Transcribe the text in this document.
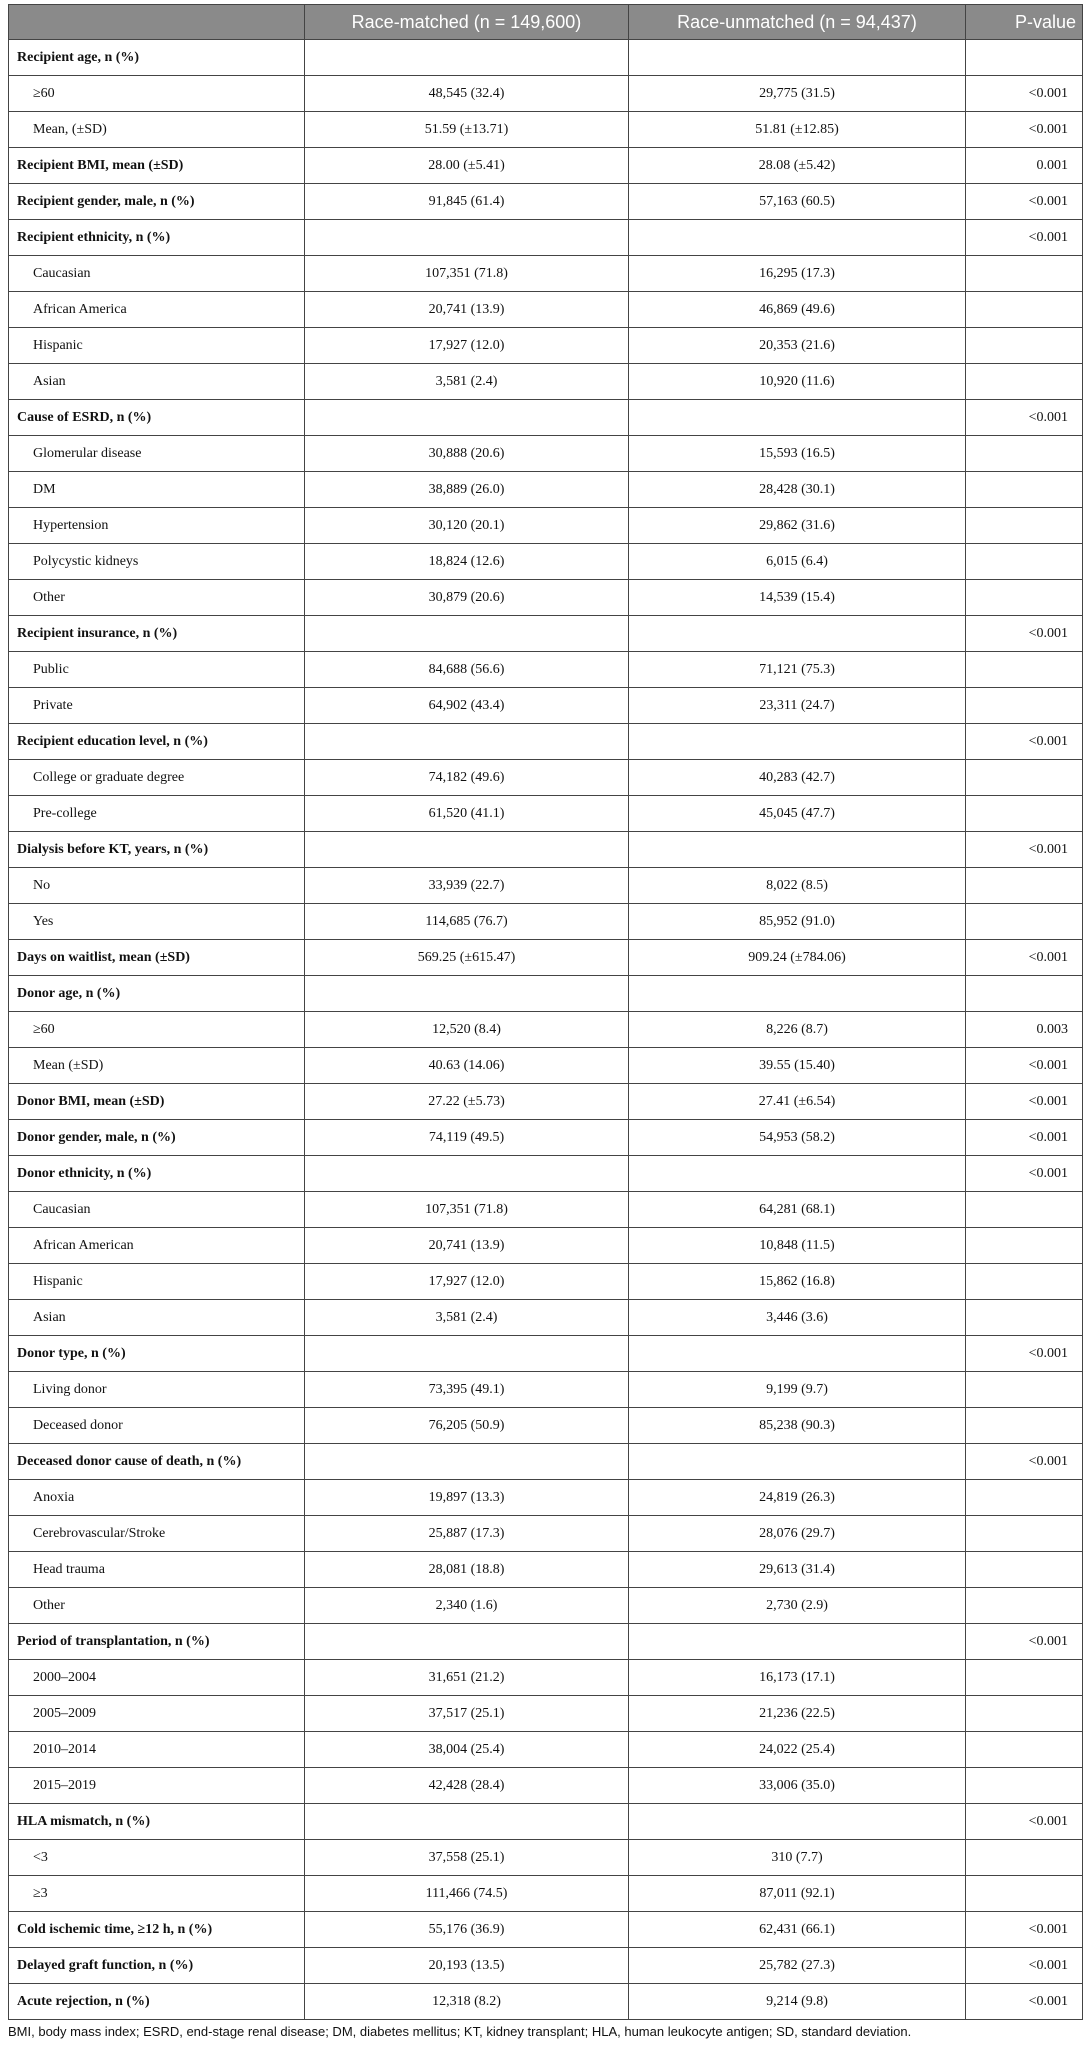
	Race-matched (n = 149,600)	Race-unmatched (n = 94,437)	P-value
Recipient age, n (%)			
≥60	48,545 (32.4)	29,775 (31.5)	<0.001
Mean, (±SD)	51.59 (±13.71)	51.81 (±12.85)	<0.001
Recipient BMI, mean (±SD)	28.00 (±5.41)	28.08 (±5.42)	0.001
Recipient gender, male, n (%)	91,845 (61.4)	57,163 (60.5)	<0.001
Recipient ethnicity, n (%)			<0.001
Caucasian	107,351 (71.8)	16,295 (17.3)	
African America	20,741 (13.9)	46,869 (49.6)	
Hispanic	17,927 (12.0)	20,353 (21.6)	
Asian	3,581 (2.4)	10,920 (11.6)	
Cause of ESRD, n (%)			<0.001
Glomerular disease	30,888 (20.6)	15,593 (16.5)	
DM	38,889 (26.0)	28,428 (30.1)	
Hypertension	30,120 (20.1)	29,862 (31.6)	
Polycystic kidneys	18,824 (12.6)	6,015 (6.4)	
Other	30,879 (20.6)	14,539 (15.4)	
Recipient insurance, n (%)			<0.001
Public	84,688 (56.6)	71,121 (75.3)	
Private	64,902 (43.4)	23,311 (24.7)	
Recipient education level, n (%)			<0.001
College or graduate degree	74,182 (49.6)	40,283 (42.7)	
Pre-college	61,520 (41.1)	45,045 (47.7)	
Dialysis before KT, years, n (%)			<0.001
No	33,939 (22.7)	8,022 (8.5)	
Yes	114,685 (76.7)	85,952 (91.0)	
Days on waitlist, mean (±SD)	569.25 (±615.47)	909.24 (±784.06)	<0.001
Donor age, n (%)			
≥60	12,520 (8.4)	8,226 (8.7)	0.003
Mean (±SD)	40.63 (14.06)	39.55 (15.40)	<0.001
Donor BMI, mean (±SD)	27.22 (±5.73)	27.41 (±6.54)	<0.001
Donor gender, male, n (%)	74,119 (49.5)	54,953 (58.2)	<0.001
Donor ethnicity, n (%)			<0.001
Caucasian	107,351 (71.8)	64,281 (68.1)	
African American	20,741 (13.9)	10,848 (11.5)	
Hispanic	17,927 (12.0)	15,862 (16.8)	
Asian	3,581 (2.4)	3,446 (3.6)	
Donor type, n (%)			<0.001
Living donor	73,395 (49.1)	9,199 (9.7)	
Deceased donor	76,205 (50.9)	85,238 (90.3)	
Deceased donor cause of death, n (%)			<0.001
Anoxia	19,897 (13.3)	24,819 (26.3)	
Cerebrovascular/Stroke	25,887 (17.3)	28,076 (29.7)	
Head trauma	28,081 (18.8)	29,613 (31.4)	
Other	2,340 (1.6)	2,730 (2.9)	
Period of transplantation, n (%)			<0.001
2000–2004	31,651 (21.2)	16,173 (17.1)	
2005–2009	37,517 (25.1)	21,236 (22.5)	
2010–2014	38,004 (25.4)	24,022 (25.4)	
2015–2019	42,428 (28.4)	33,006 (35.0)	
HLA mismatch, n (%)			<0.001
<3	37,558 (25.1)	310 (7.7)	
≥3	111,466 (74.5)	87,011 (92.1)	
Cold ischemic time, ≥12 h, n (%)	55,176 (36.9)	62,431 (66.1)	<0.001
Delayed graft function, n (%)	20,193 (13.5)	25,782 (27.3)	<0.001
Acute rejection, n (%)	12,318 (8.2)	9,214 (9.8)	<0.001
BMI, body mass index; ESRD, end-stage renal disease; DM, diabetes mellitus; KT, kidney transplant; HLA, human leukocyte antigen; SD, standard deviation.
